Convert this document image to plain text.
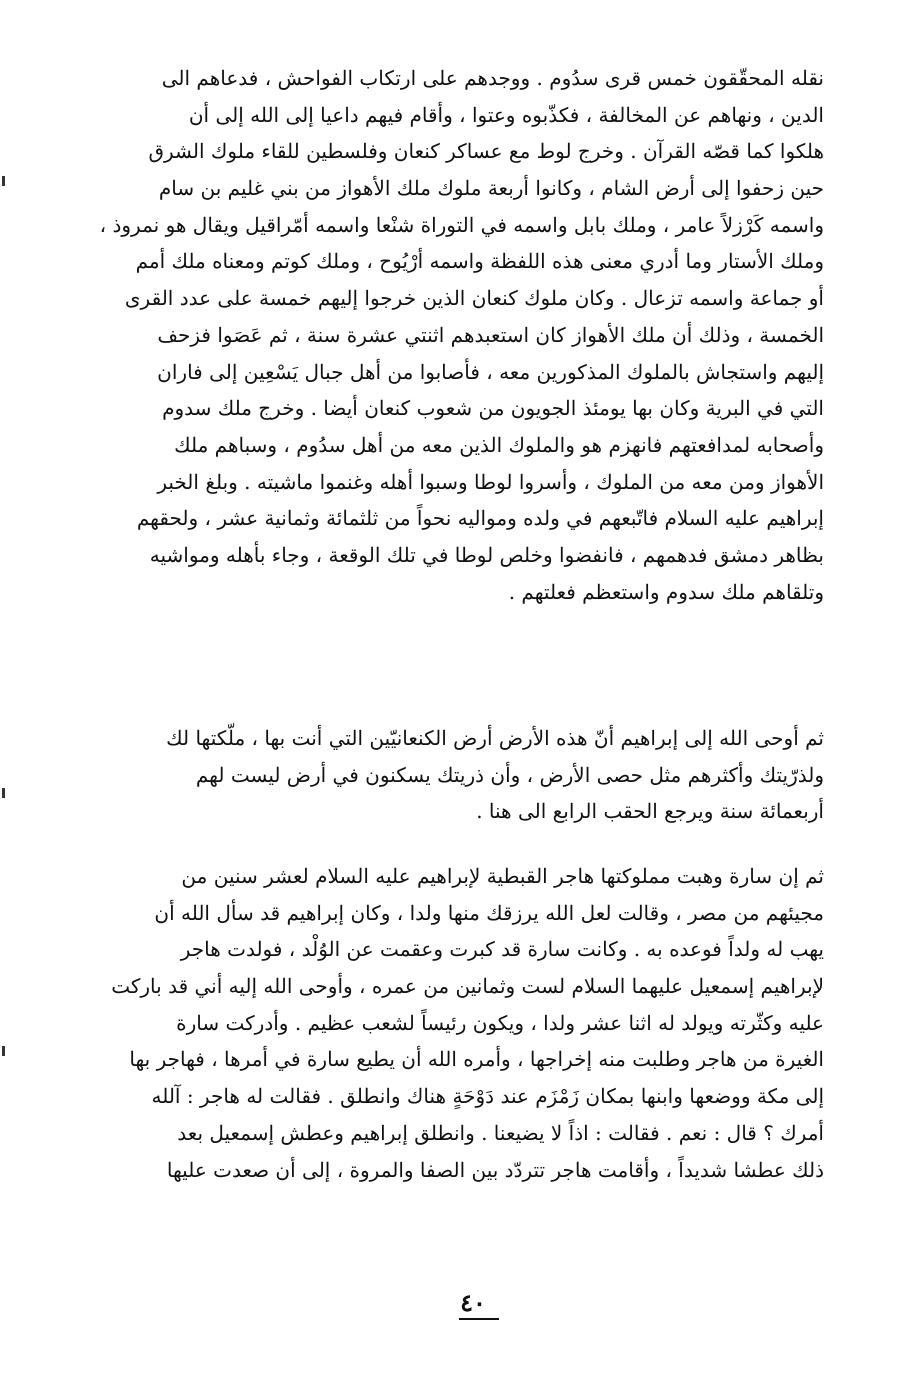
نقله المحقّقون خمس قرى سدُوم . ووجدهم على ارتكاب الفواحش ، فدعاهم الى
الدين ، ونهاهم عن المخالفة ، فكذّبوه وعتوا ، وأقام فيهم داعيا إلى الله إلى أن
هلكوا كما قصّه القرآن . وخرج لوط مع عساكر كنعان وفلسطين للقاء ملوك الشرق
حين زحفوا إلى أرض الشام ، وكانوا أربعة ملوك ملك الأهواز من بني غليم بن سام
واسمه كَرْزلاً عامر ، وملك بابل واسمه في التوراة شنْعا واسمه أمّراقيل ويقال هو نمروذ ،
وملك الأستار وما أدري معنى هذه اللفظة واسمه أرْيُوح ، وملك كوتم ومعناه ملك أمم
أو جماعة واسمه تزعال . وكان ملوك كنعان الذين خرجوا إليهم خمسة على عدد القرى
الخمسة ، وذلك أن ملك الأهواز كان استعبدهم اثنتي عشرة سنة ، ثم عَصَوا فزحف
إليهم واستجاش بالملوك المذكورين معه ، فأصابوا من أهل جبال يَسْعِين إلى فاران
التي في البرية وكان بها يومئذ الجويون من شعوب كنعان أيضا . وخرج ملك سدوم
وأصحابه لمدافعتهم فانهزم هو والملوك الذين معه من أهل سدُوم ، وسباهم ملك
الأهواز ومن معه من الملوك ، وأسروا لوطا وسبوا أهله وغنموا ماشيته . وبلغ الخبر
إبراهيم عليه السلام فاتّبعهم في ولده ومواليه نحواً من ثلثمائة وثمانية عشر ، ولحقهم
بظاهر دمشق فدهمهم ، فانفضوا وخلص لوطا في تلك الوقعة ، وجاء بأهله ومواشيه
وتلقاهم ملك سدوم واستعظم فعلتهم .
ثم أوحى الله إلى إبراهيم أنّ هذه الأرض أرض الكنعانيّين التي أنت بها ، ملّكتها لك
ولذرّيتك وأكثرهم مثل حصى الأرض ، وأن ذريتك يسكنون في أرض ليست لهم
أربعمائة سنة ويرجع الحقب الرابع الى هنا .
ثم إن سارة وهبت مملوكتها هاجر القبطية لإبراهيم عليه السلام لعشر سنين من
مجيئهم من مصر ، وقالت لعل الله يرزقك منها ولدا ، وكان إبراهيم قد سأل الله أن
يهب له ولداً فوعده به . وكانت سارة قد كبرت وعقمت عن الوُلْد ، فولدت هاجر
لإبراهيم إسمعيل عليهما السلام لست وثمانين من عمره ، وأوحى الله إليه أني قد باركت
عليه وكثّرته ويولد له اثنا عشر ولدا ، ويكون رئيساً لشعب عظيم . وأدركت سارة
الغيرة من هاجر وطلبت منه إخراجها ، وأمره الله أن يطيع سارة في أمرها ، فهاجر بها
إلى مكة ووضعها وابنها بمكان زَمْزَم عند دَوْحَةٍ هناك وانطلق . فقالت له هاجر : آلله
أمرك ؟ قال : نعم . فقالت : اذاً لا يضيعنا . وانطلق إبراهيم وعطش إسمعيل بعد
ذلك عطشا شديداً ، وأقامت هاجر تتردّد بين الصفا والمروة ، إلى أن صعدت عليها
٤٠
